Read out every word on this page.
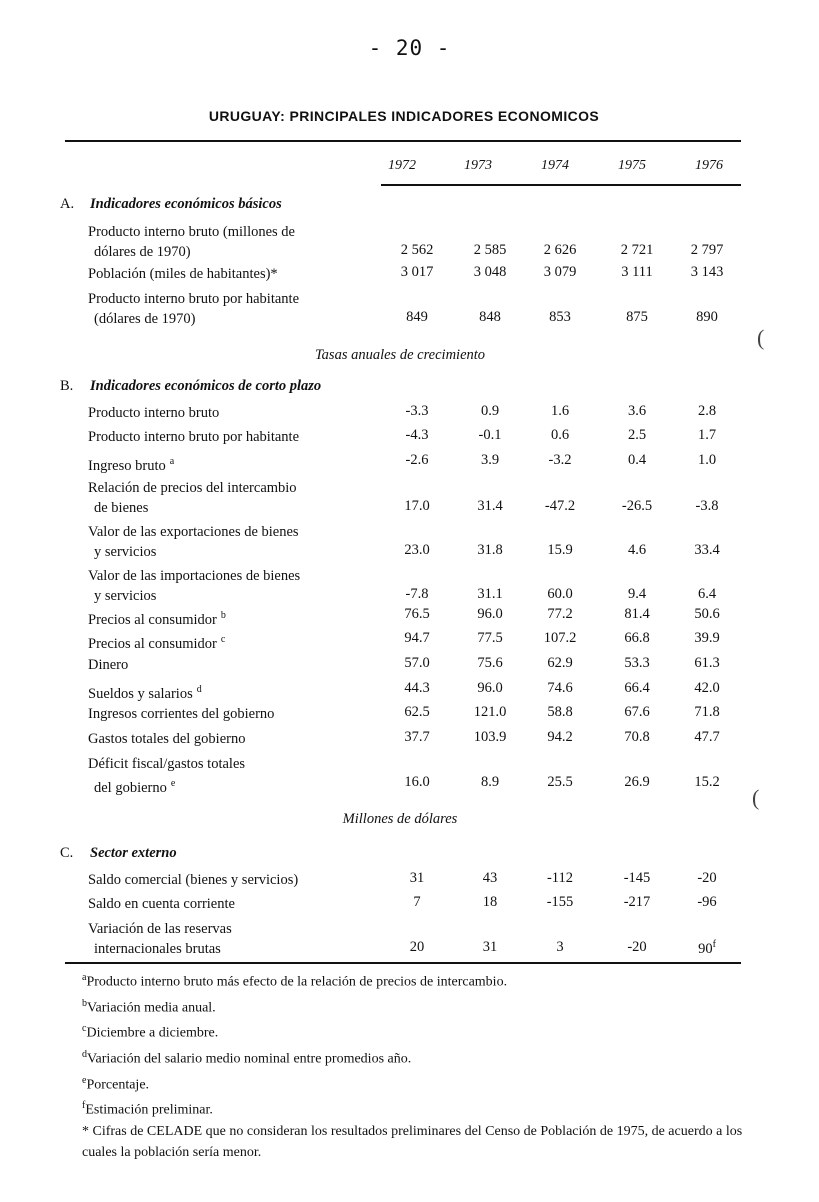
- 20 -
URUGUAY: PRINCIPALES INDICADORES ECONOMICOS
1972	1973	1974	1975	1976
A. Indicadores económicos básicos
Producto interno bruto (millones de
dólares de 1970)	2 562	2 585	2 626	2 721	2 797
Población (miles de habitantes)*	3 017	3 048	3 079	3 111	3 143
Producto interno bruto por habitante
(dólares de 1970)	849	848	853	875	890
Producto interno bruto	-3.3	0.9	1.6	3.6	2.8
Producto interno bruto por habitante	-4.3	-0.1	0.6	2.5	1.7
Ingreso bruto $^a$	-2.6	3.9	-3.2	0.4	1.0
Relación de precios del intercambio
de bienes	17.0	31.4	-47.2	-26.5	-3.8
Valor de las exportaciones de bienes
y servicios	23.0	31.8	15.9	4.6	33.4
Valor de las importaciones de bienes
y servicios	-7.8	31.1	60.0	9.4	6.4
Precios al consumidor $^b$	76.5	96.0	77.2	81.4	50.6
Precios al consumidor $^c$	94.7	77.5	107.2	66.8	39.9
Dinero	57.0	75.6	62.9	53.3	61.3
Sueldos y salarios $^d$	44.3	96.0	74.6	66.4	42.0
Ingresos corrientes del gobierno	62.5	121.0	58.8	67.6	71.8
Gastos totales del gobierno	37.7	103.9	94.2	70.8	47.7
Déficit fiscal/gastos totales
del gobierno $^e$	16.0	8.9	25.5	26.9	15.2
Saldo comercial (bienes y servicios)	31	43	-112	-145	-20
Saldo en cuenta corriente	7	18	-155	-217	-96
Variación de las reservas
internacionales brutas	20	31	3	-20	90$^f$
Tasas anuales de crecimiento
B. Indicadores económicos de corto plazo
Millones de dólares
C. Sector externo
$^a$Producto interno bruto más efecto de la relación de precios de intercambio.
$^b$Variación media anual.
$^c$Diciembre a diciembre.
$^d$Variación del salario medio nominal entre promedios año.
$^e$Porcentaje.
$^f$Estimación preliminar.
* Cifras de CELADE que no consideran los resultados preliminares del Censo de Población de 1975, de acuerdo a los cuales la población sería menor.
(
(
